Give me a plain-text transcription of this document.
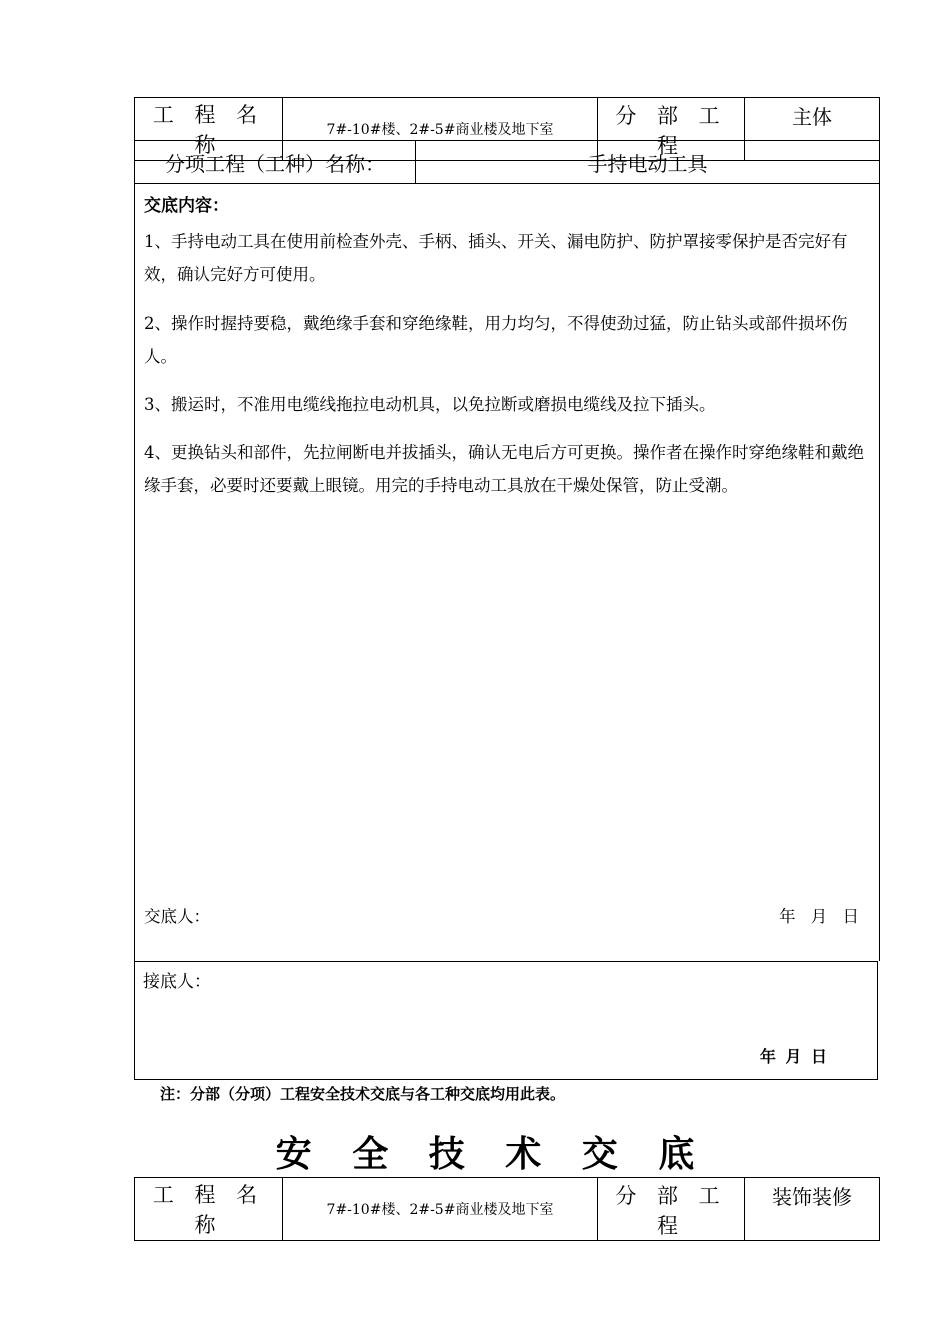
工 程 名 称	7#-10#楼、2#-5#商业楼及地下室	分 部 工 程	主体
分项工程（工种）名称：	手持电动工具
交底内容：
1、手持电动工具在使用前检查外壳、手柄、插头、开关、漏电防护、防护罩接零保护是否完好有效，确认完好方可使用。
2、操作时握持要稳，戴绝缘手套和穿绝缘鞋，用力均匀，不得使劲过猛，防止钻头或部件损坏伤人。
3、搬运时，不准用电缆线拖拉电动机具，以免拉断或磨损电缆线及拉下插头。
4、更换钻头和部件，先拉闸断电并拔插头，确认无电后方可更换。操作者在操作时穿绝缘鞋和戴绝缘手套，必要时还要戴上眼镜。用完的手持电动工具放在干燥处保管，防止受潮。
交底人：	年 月 日
接底人：
年 月 日
注：分部（分项）工程安全技术交底与各工种交底均用此表。
安 全 技 术 交 底
工 程 名 称	7#-10#楼、2#-5#商业楼及地下室	分 部 工 程	装饰装修
